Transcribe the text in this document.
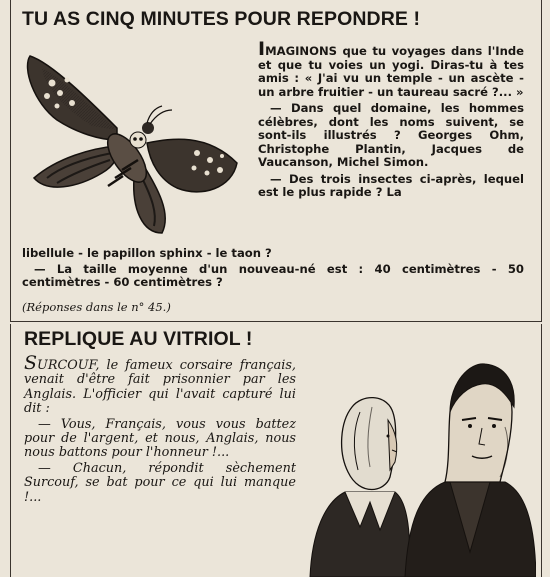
TU AS CINQ MINUTES POUR REPONDRE !

IMAGINONS que tu voyages dans l'Inde et que tu voies un yogi. Diras-tu à tes amis : « J'ai vu un temple - un ascète - un arbre fruitier - un taureau sacré ?... »

— Dans quel domaine, les hommes célèbres, dont les noms suivent, se sont-ils illustrés ? Georges Ohm, Christophe Plantin, Jacques de Vaucanson, Michel Simon.

— Des trois insectes ci-après, lequel est le plus rapide ? La

libellule - le papillon sphinx - le taon ?

— La taille moyenne d'un nouveau-né est : 40 centimètres - 50 centimètres - 60 centimètres ?

(Réponses dans le n° 45.)
REPLIQUE AU VITRIOL !

SURCOUF, le fameux corsaire français, venait d'être fait prisonnier par les Anglais. L'officier qui l'avait capturé lui dit :

— Vous, Français, vous vous battez pour de l'argent, et nous, Anglais, nous nous battons pour l'honneur !...

— Chacun, répondit sèchement Surcouf, se bat pour ce qui lui manque !...
